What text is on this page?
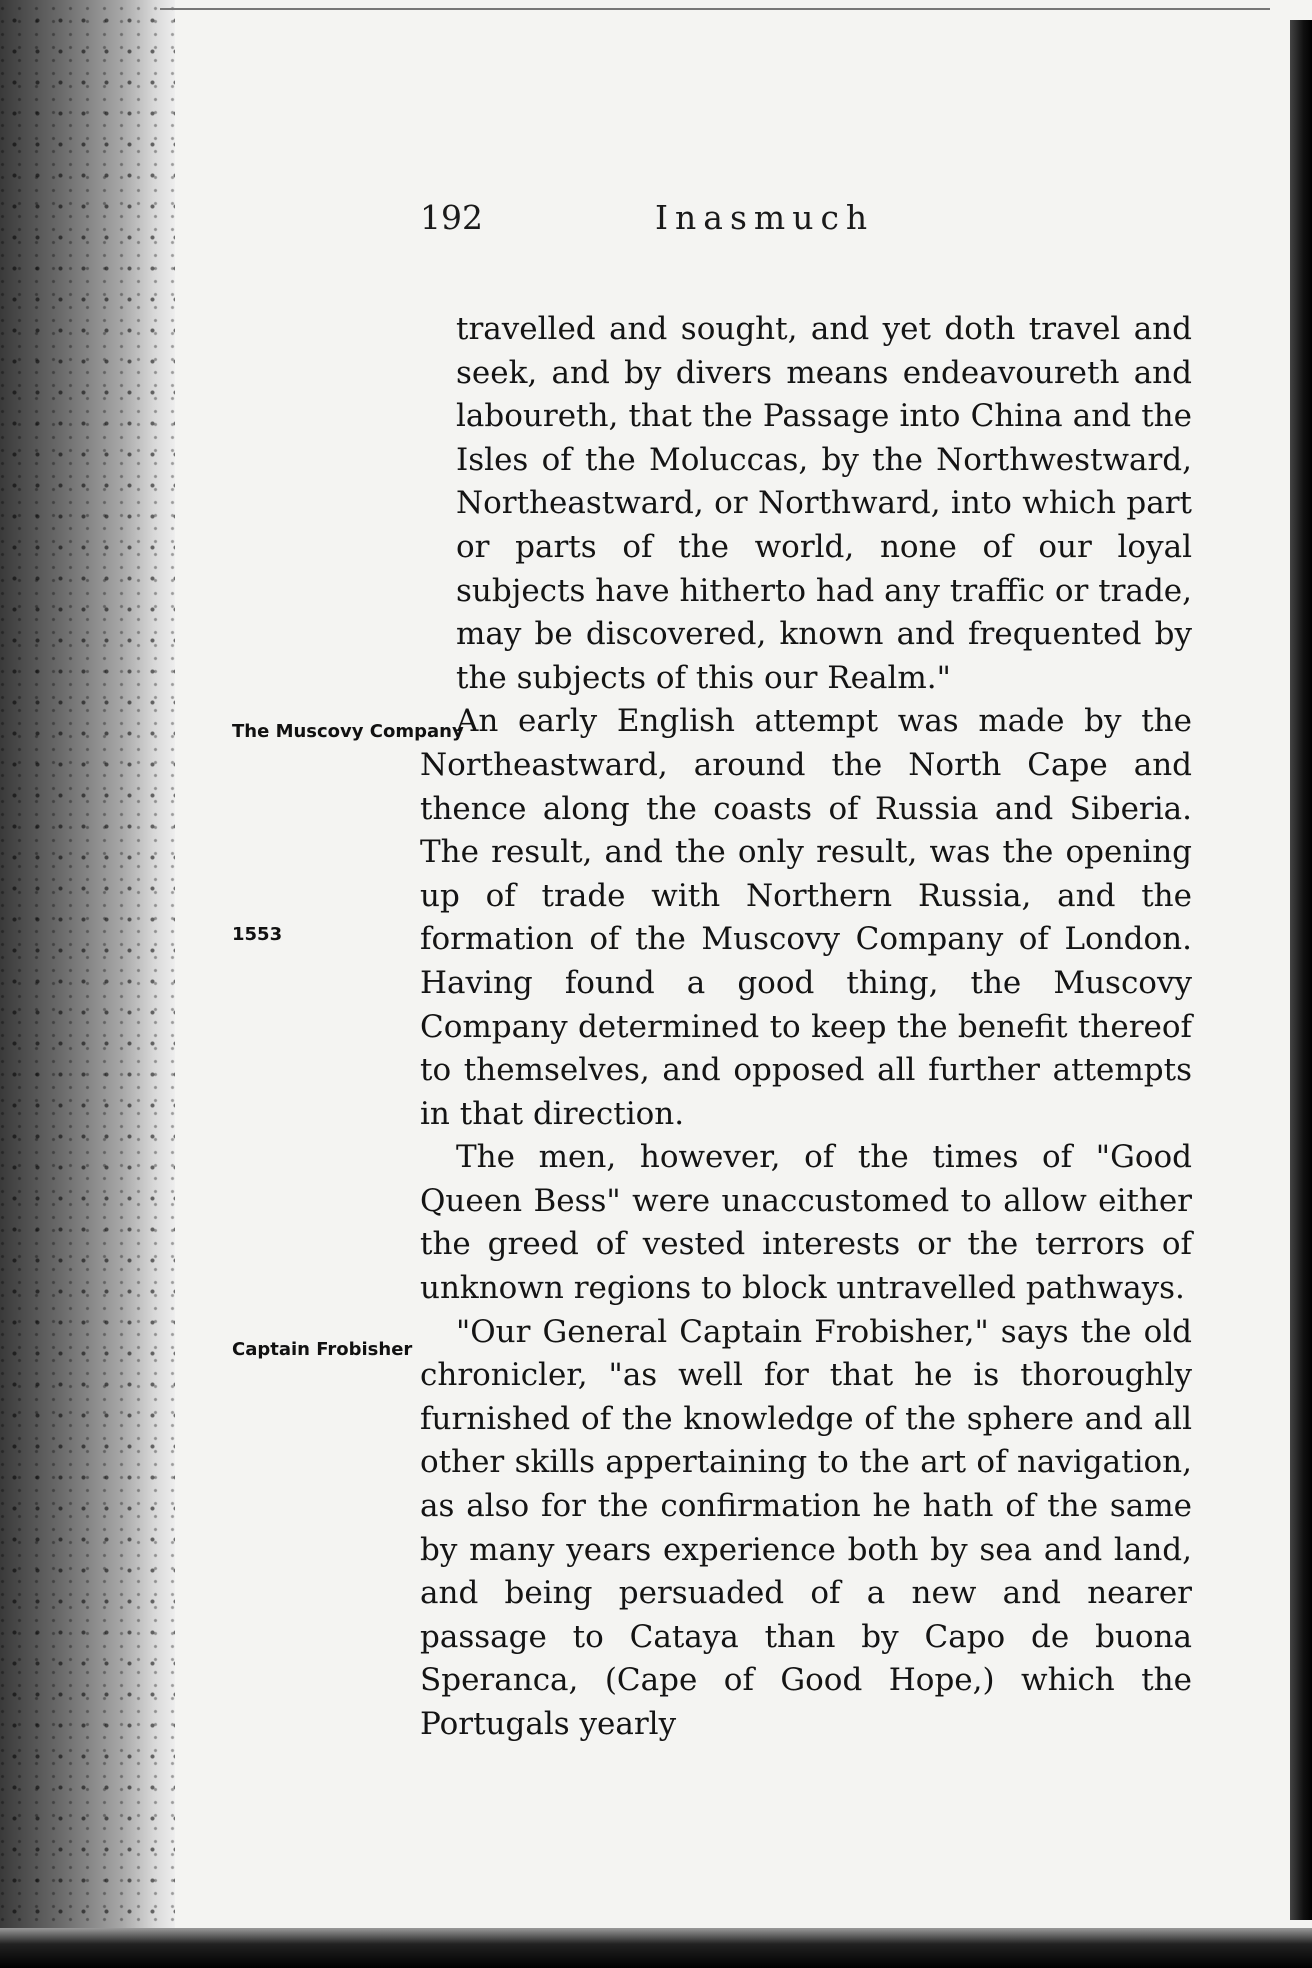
192	Inasmuch
The Muscovy Company
1553
Captain Frobisher

travelled and sought, and yet doth travel and seek, and by divers means endeavoureth and laboureth, that the Passage into China and the Isles of the Moluccas, by the Northwestward, Northeastward, or Northward, into which part or parts of the world, none of our loyal subjects have hitherto had any traffic or trade, may be discovered, known and frequented by the subjects of this our Realm."

An early English attempt was made by the Northeastward, around the North Cape and thence along the coasts of Russia and Siberia. The result, and the only result, was the opening up of trade with Northern Russia, and the formation of the Muscovy Company of London. Having found a good thing, the Muscovy Company determined to keep the benefit thereof to themselves, and opposed all further attempts in that direction.

The men, however, of the times of "Good Queen Bess" were unaccustomed to allow either the greed of vested interests or the terrors of unknown regions to block untravelled pathways.

"Our General Captain Frobisher," says the old chronicler, "as well for that he is thoroughly furnished of the knowledge of the sphere and all other skills appertaining to the art of navigation, as also for the confirmation he hath of the same by many years experience both by sea and land, and being persuaded of a new and nearer passage to Cataya than by Capo de buona Speranca, (Cape of Good Hope,) which the Portugals yearly
